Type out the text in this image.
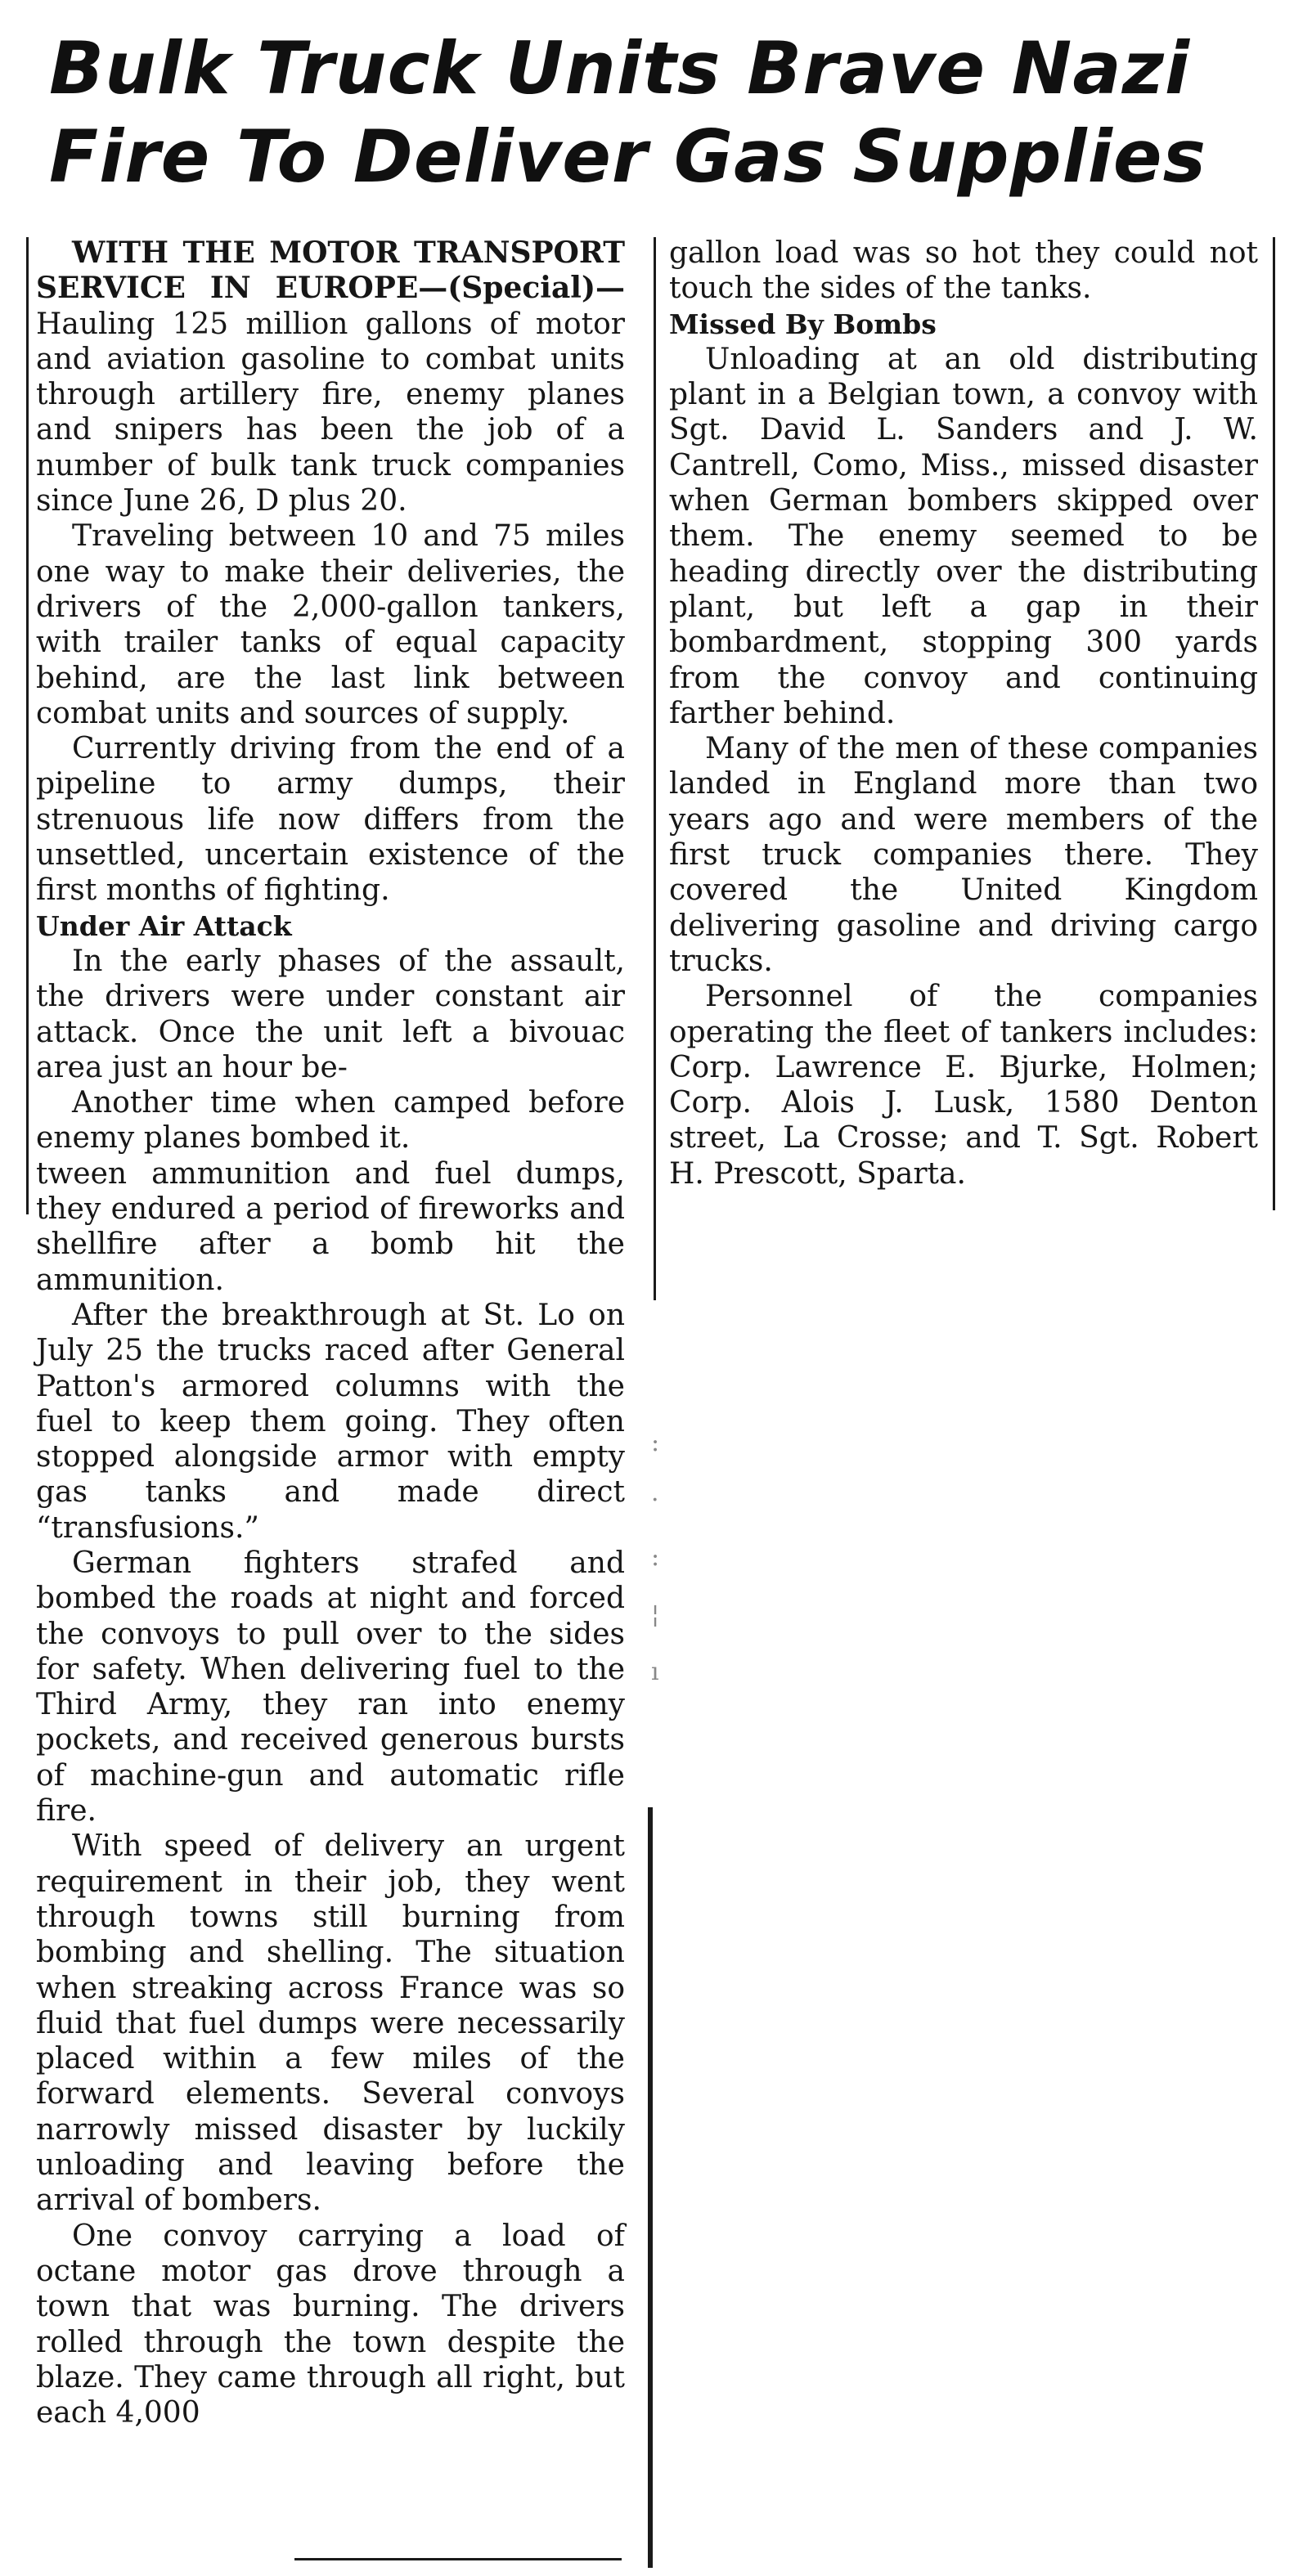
Bulk Truck Units Brave Nazi
Fire To Deliver Gas Supplies
:
·
:
¦
ı

WITH THE MOTOR TRANSPORT SERVICE IN EUROPE—(Special)—Hauling 125 million gallons of motor and aviation gasoline to combat units through artillery fire, enemy planes and snipers has been the job of a number of bulk tank truck companies since June 26, D plus 20.

Traveling between 10 and 75 miles one way to make their deliveries, the drivers of the 2,000-gallon tankers, with trailer tanks of equal capacity behind, are the last link between combat units and sources of supply.

Currently driving from the end of a pipeline to army dumps, their strenuous life now differs from the unsettled, uncertain existence of the first months of fighting.

Under Air Attack

In the early phases of the assault, the drivers were under constant air attack. Once the unit left a bivouac area just an hour be-

Another time when camped before enemy planes bombed it.

tween ammunition and fuel dumps, they endured a period of fireworks and shellfire after a bomb hit the ammunition.

After the breakthrough at St. Lo on July 25 the trucks raced after General Patton's armored columns with the fuel to keep them going. They often stopped alongside armor with empty gas tanks and made direct “transfusions.”

German fighters strafed and bombed the roads at night and forced the convoys to pull over to the sides for safety. When delivering fuel to the Third Army, they ran into enemy pockets, and received generous bursts of machine-gun and automatic rifle fire.

With speed of delivery an urgent requirement in their job, they went through towns still burning from bombing and shelling. The situation when streaking across France was so fluid that fuel dumps were necessarily placed within a few miles of the forward elements. Several convoys narrowly missed disaster by luckily unloading and leaving before the arrival of bombers.

One convoy carrying a load of octane motor gas drove through a town that was burning. The drivers rolled through the town despite the blaze. They came through all right, but each 4,000

gallon load was so hot they could not touch the sides of the tanks.

Missed By Bombs

Unloading at an old distributing plant in a Belgian town, a convoy with Sgt. David L. Sanders and J. W. Cantrell, Como, Miss., missed disaster when German bombers skipped over them. The enemy seemed to be heading directly over the distributing plant, but left a gap in their bombardment, stopping 300 yards from the convoy and continuing farther behind.

Many of the men of these companies landed in England more than two years ago and were members of the first truck companies there. They covered the United Kingdom delivering gasoline and driving cargo trucks.

Personnel of the companies operating the fleet of tankers includes: Corp. Lawrence E. Bjurke, Holmen; Corp. Alois J. Lusk, 1580 Denton street, La Crosse; and T. Sgt. Robert H. Prescott, Sparta.
